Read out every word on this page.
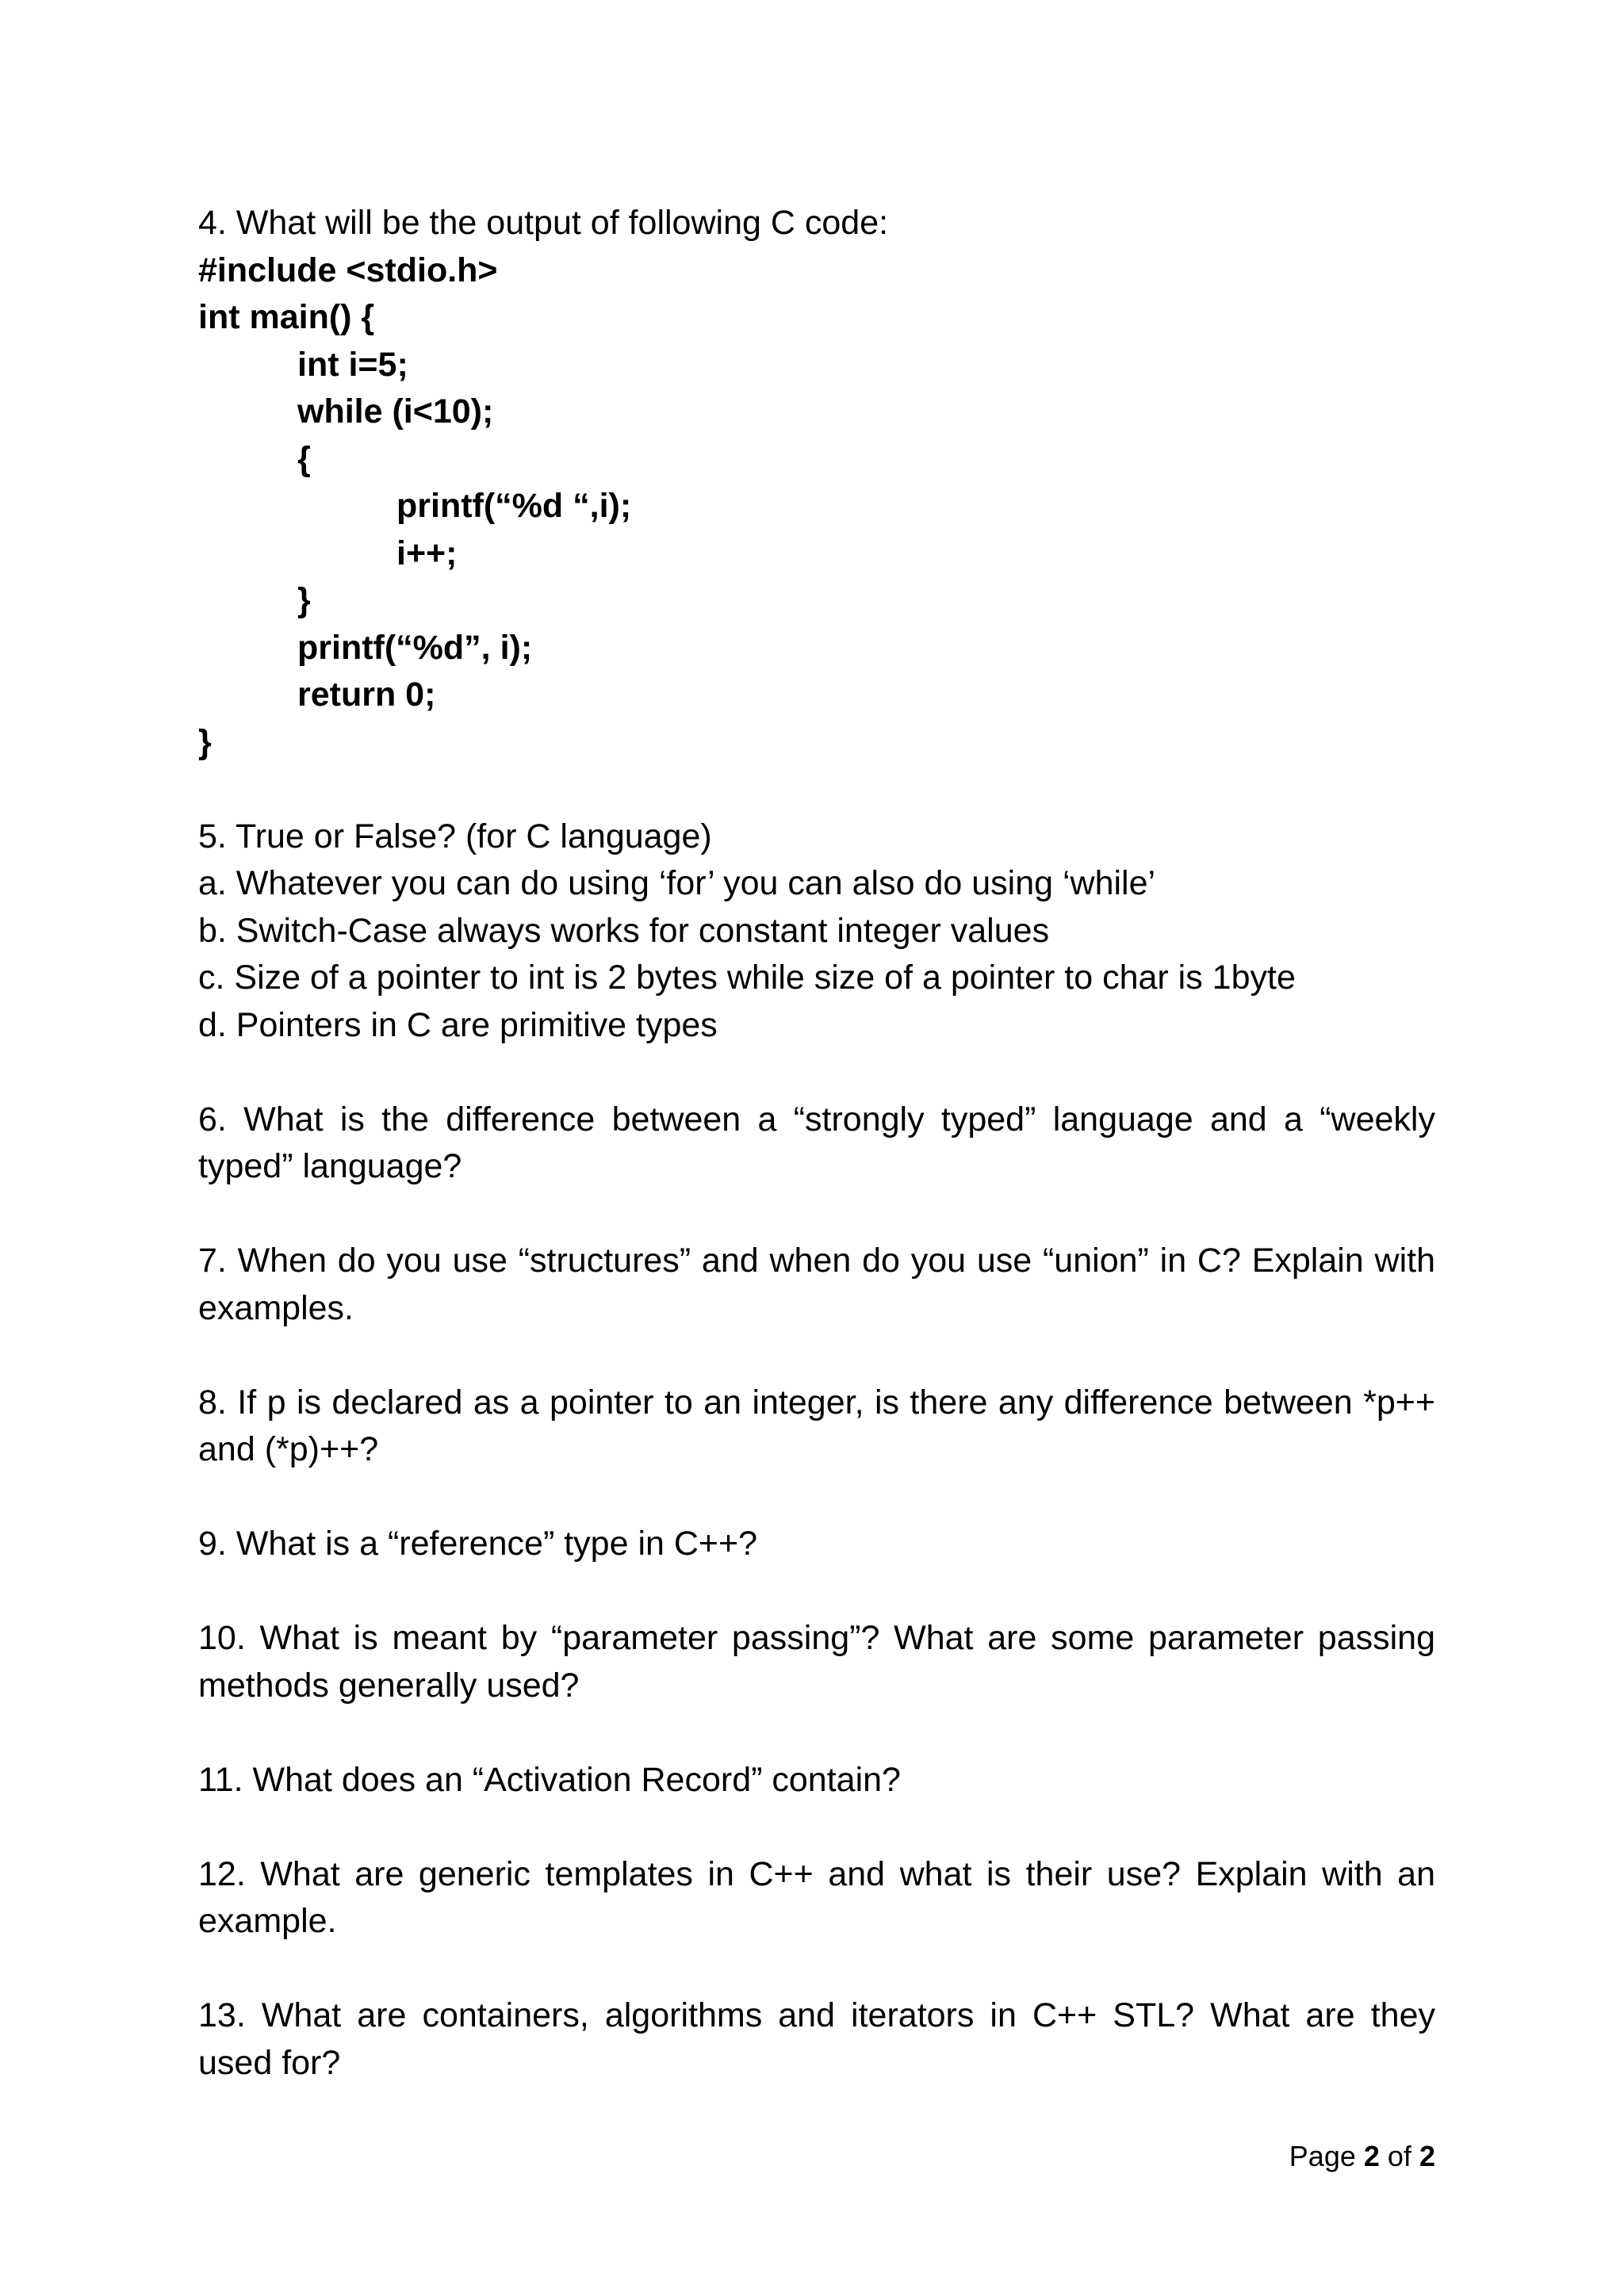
4. What will be the output of following C code:
#include <stdio.h>
int main() {
int i=5;
while (i<10);
{
printf(“%d “,i);
i++;
}
printf(“%d”, i);
return 0;
}
5. True or False? (for C language)
a. Whatever you can do using ‘for’ you can also do using ‘while’
b. Switch-Case always works for constant integer values
c. Size of a pointer to int is 2 bytes while size of a pointer to char is 1byte
d. Pointers in C are primitive types

6. What is the difference between a “strongly typed” language and a “weekly typed” language?

7. When do you use “structures” and when do you use “union” in C? Explain with examples.

8. If p is declared as a pointer to an integer, is there any difference between *p++ and (*p)++?

9. What is a “reference” type in C++?

10. What is meant by “parameter passing”? What are some parameter passing methods generally used?

11. What does an “Activation Record” contain?

12. What are generic templates in C++ and what is their use? Explain with an example.

13. What are containers, algorithms and iterators in C++ STL? What are they used for?

Page 2 of 2
